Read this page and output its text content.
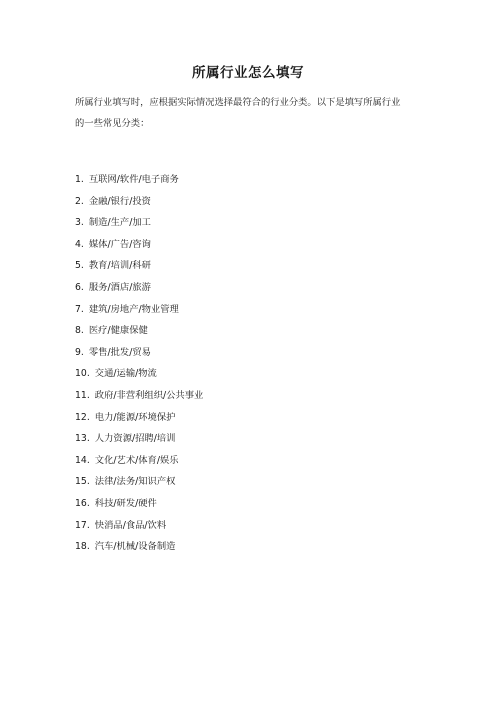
所属行业怎么填写
所属行业填写时，应根据实际情况选择最符合的行业分类。以下是填写所属行业
的一些常见分类：
1. 互联网/软件/电子商务
2. 金融/银行/投资
3. 制造/生产/加工
4. 媒体/广告/咨询
5. 教育/培训/科研
6. 服务/酒店/旅游
7. 建筑/房地产/物业管理
8. 医疗/健康保健
9. 零售/批发/贸易
10. 交通/运输/物流
11. 政府/非营利组织/公共事业
12. 电力/能源/环境保护
13. 人力资源/招聘/培训
14. 文化/艺术/体育/娱乐
15. 法律/法务/知识产权
16. 科技/研发/硬件
17. 快消品/食品/饮料
18. 汽车/机械/设备制造
